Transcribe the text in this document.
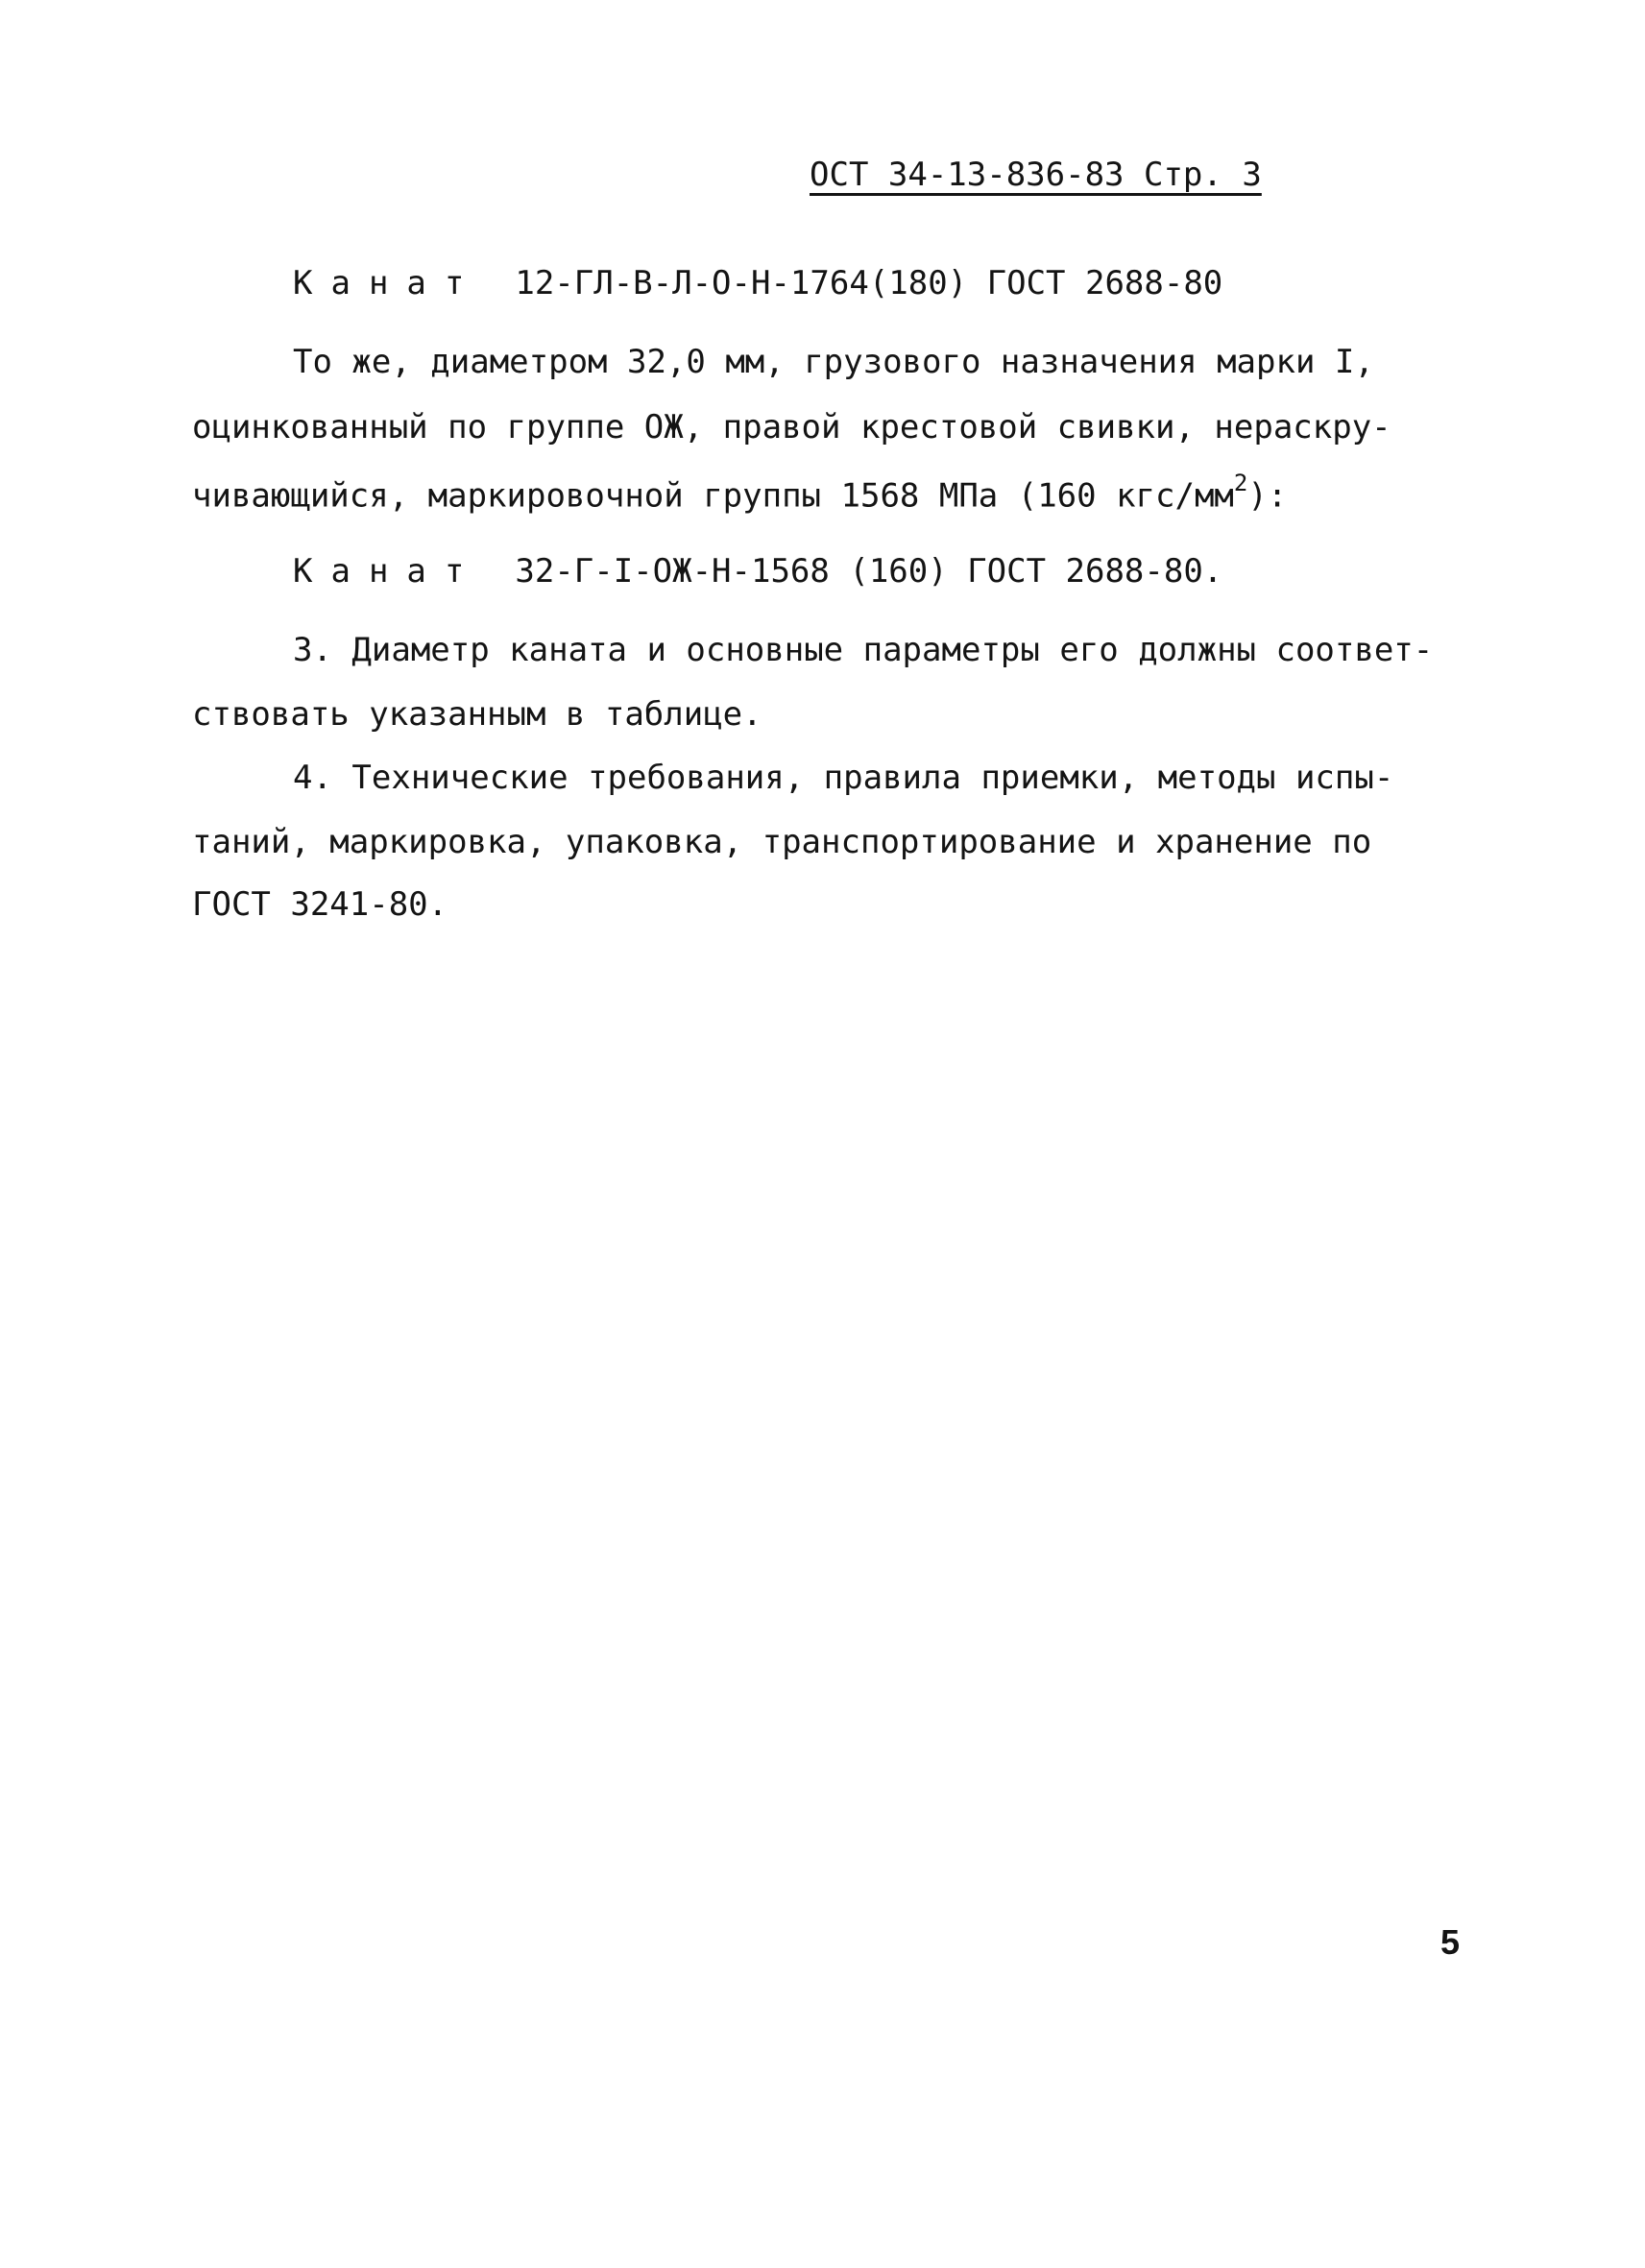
ОСТ 34-13-836-83 Стр. 3
Канат 12-ГЛ-В-Л-О-Н-1764(180) ГОСТ 2688-80
То же, диаметром 32,0 мм, грузового назначения марки I,
оцинкованный по группе ОЖ, правой крестовой свивки, нераскру-
чивающийся, маркировочной группы 1568 МПа (160 кгс/$мм^2$):
Канат 32-Г-I-ОЖ-Н-1568 (160) ГОСТ 2688-80.
3. Диаметр каната и основные параметры его должны соответ-
ствовать указанным в таблице.
4. Технические требования, правила приемки, методы испы-
таний, маркировка, упаковка, транспортирование и хранение по
ГОСТ 3241-80.
5
